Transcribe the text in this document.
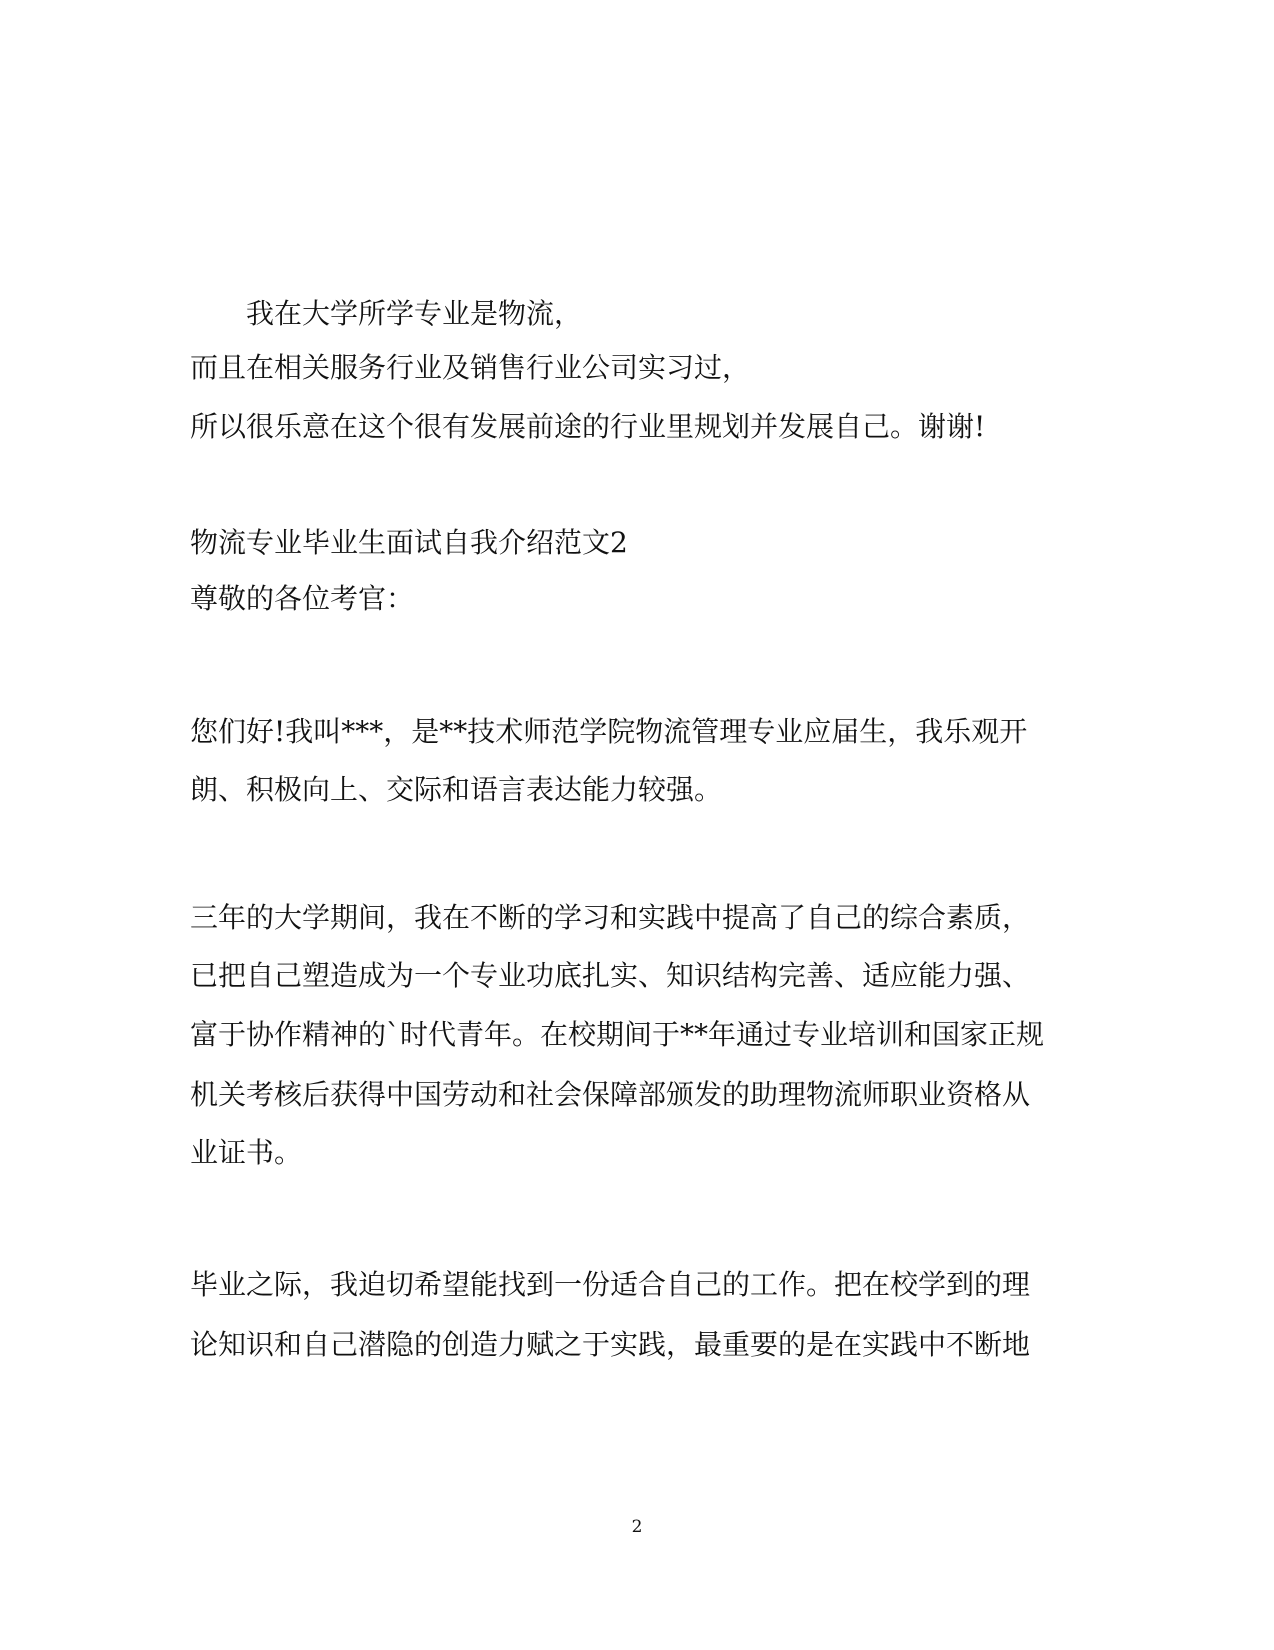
我在大学所学专业是物流，
而且在相关服务行业及销售行业公司实习过，
所以很乐意在这个很有发展前途的行业里规划并发展自己。谢谢!
物流专业毕业生面试自我介绍范文2
尊敬的各位考官：
您们好!我叫***，是**技术师范学院物流管理专业应届生，我乐观开
朗、积极向上、交际和语言表达能力较强。
三年的大学期间，我在不断的学习和实践中提高了自己的综合素质，
已把自己塑造成为一个专业功底扎实、知识结构完善、适应能力强、
富于协作精神的`时代青年。在校期间于**年通过专业培训和国家正规
机关考核后获得中国劳动和社会保障部颁发的助理物流师职业资格从
业证书。
毕业之际，我迫切希望能找到一份适合自己的工作。把在校学到的理
论知识和自己潜隐的创造力赋之于实践，最重要的是在实践中不断地
2
